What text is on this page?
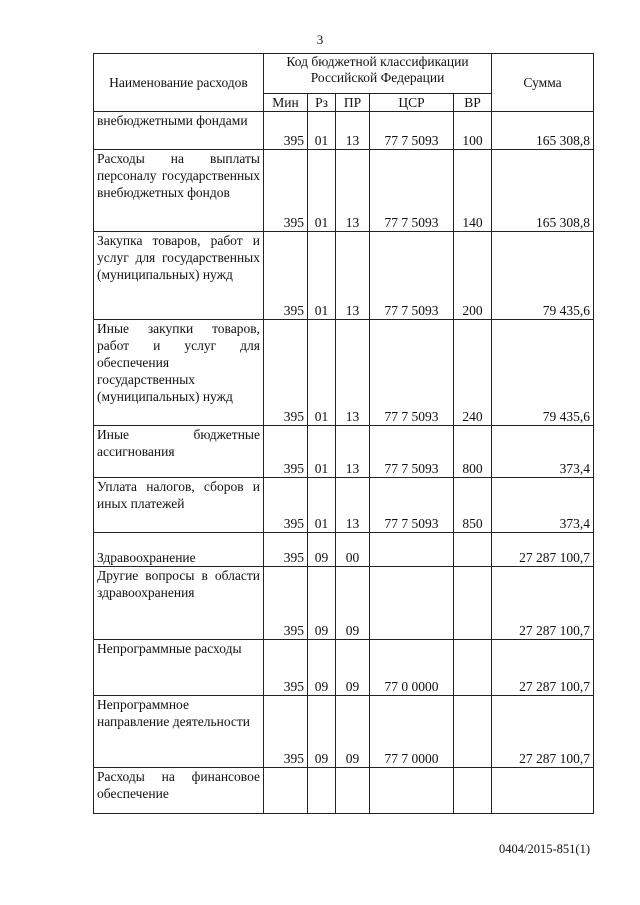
3
Наименование расходов	Код бюджетной классификации Российской Федерации					Сумма
	Мин	Рз	ПР	ЦСР	ВР	
внебюджетными фондами	395	01	13	77 7 5093	100	165 308,8
Расходы на выплаты персоналу государственных внебюджетных фондов	395	01	13	77 7 5093	140	165 308,8
Закупка товаров, работ и услуг для государственных (муниципальных) нужд	395	01	13	77 7 5093	200	79 435,6
Иные закупки товаров, работ и услуг для обеспечения государственных (муниципальных) нужд	395	01	13	77 7 5093	240	79 435,6
Иные бюджетные ассигнования	395	01	13	77 7 5093	800	373,4
Уплата налогов, сборов и иных платежей	395	01	13	77 7 5093	850	373,4
Здравоохранение	395	09	00			27 287 100,7
Другие вопросы в области здравоохранения	395	09	09			27 287 100,7
Непрограммные расходы	395	09	09	77 0 0000		27 287 100,7
Непрограммное направление деятельности	395	09	09	77 7 0000		27 287 100,7
Расходы на финансовое обеспечение						
0404/2015-851(1)
